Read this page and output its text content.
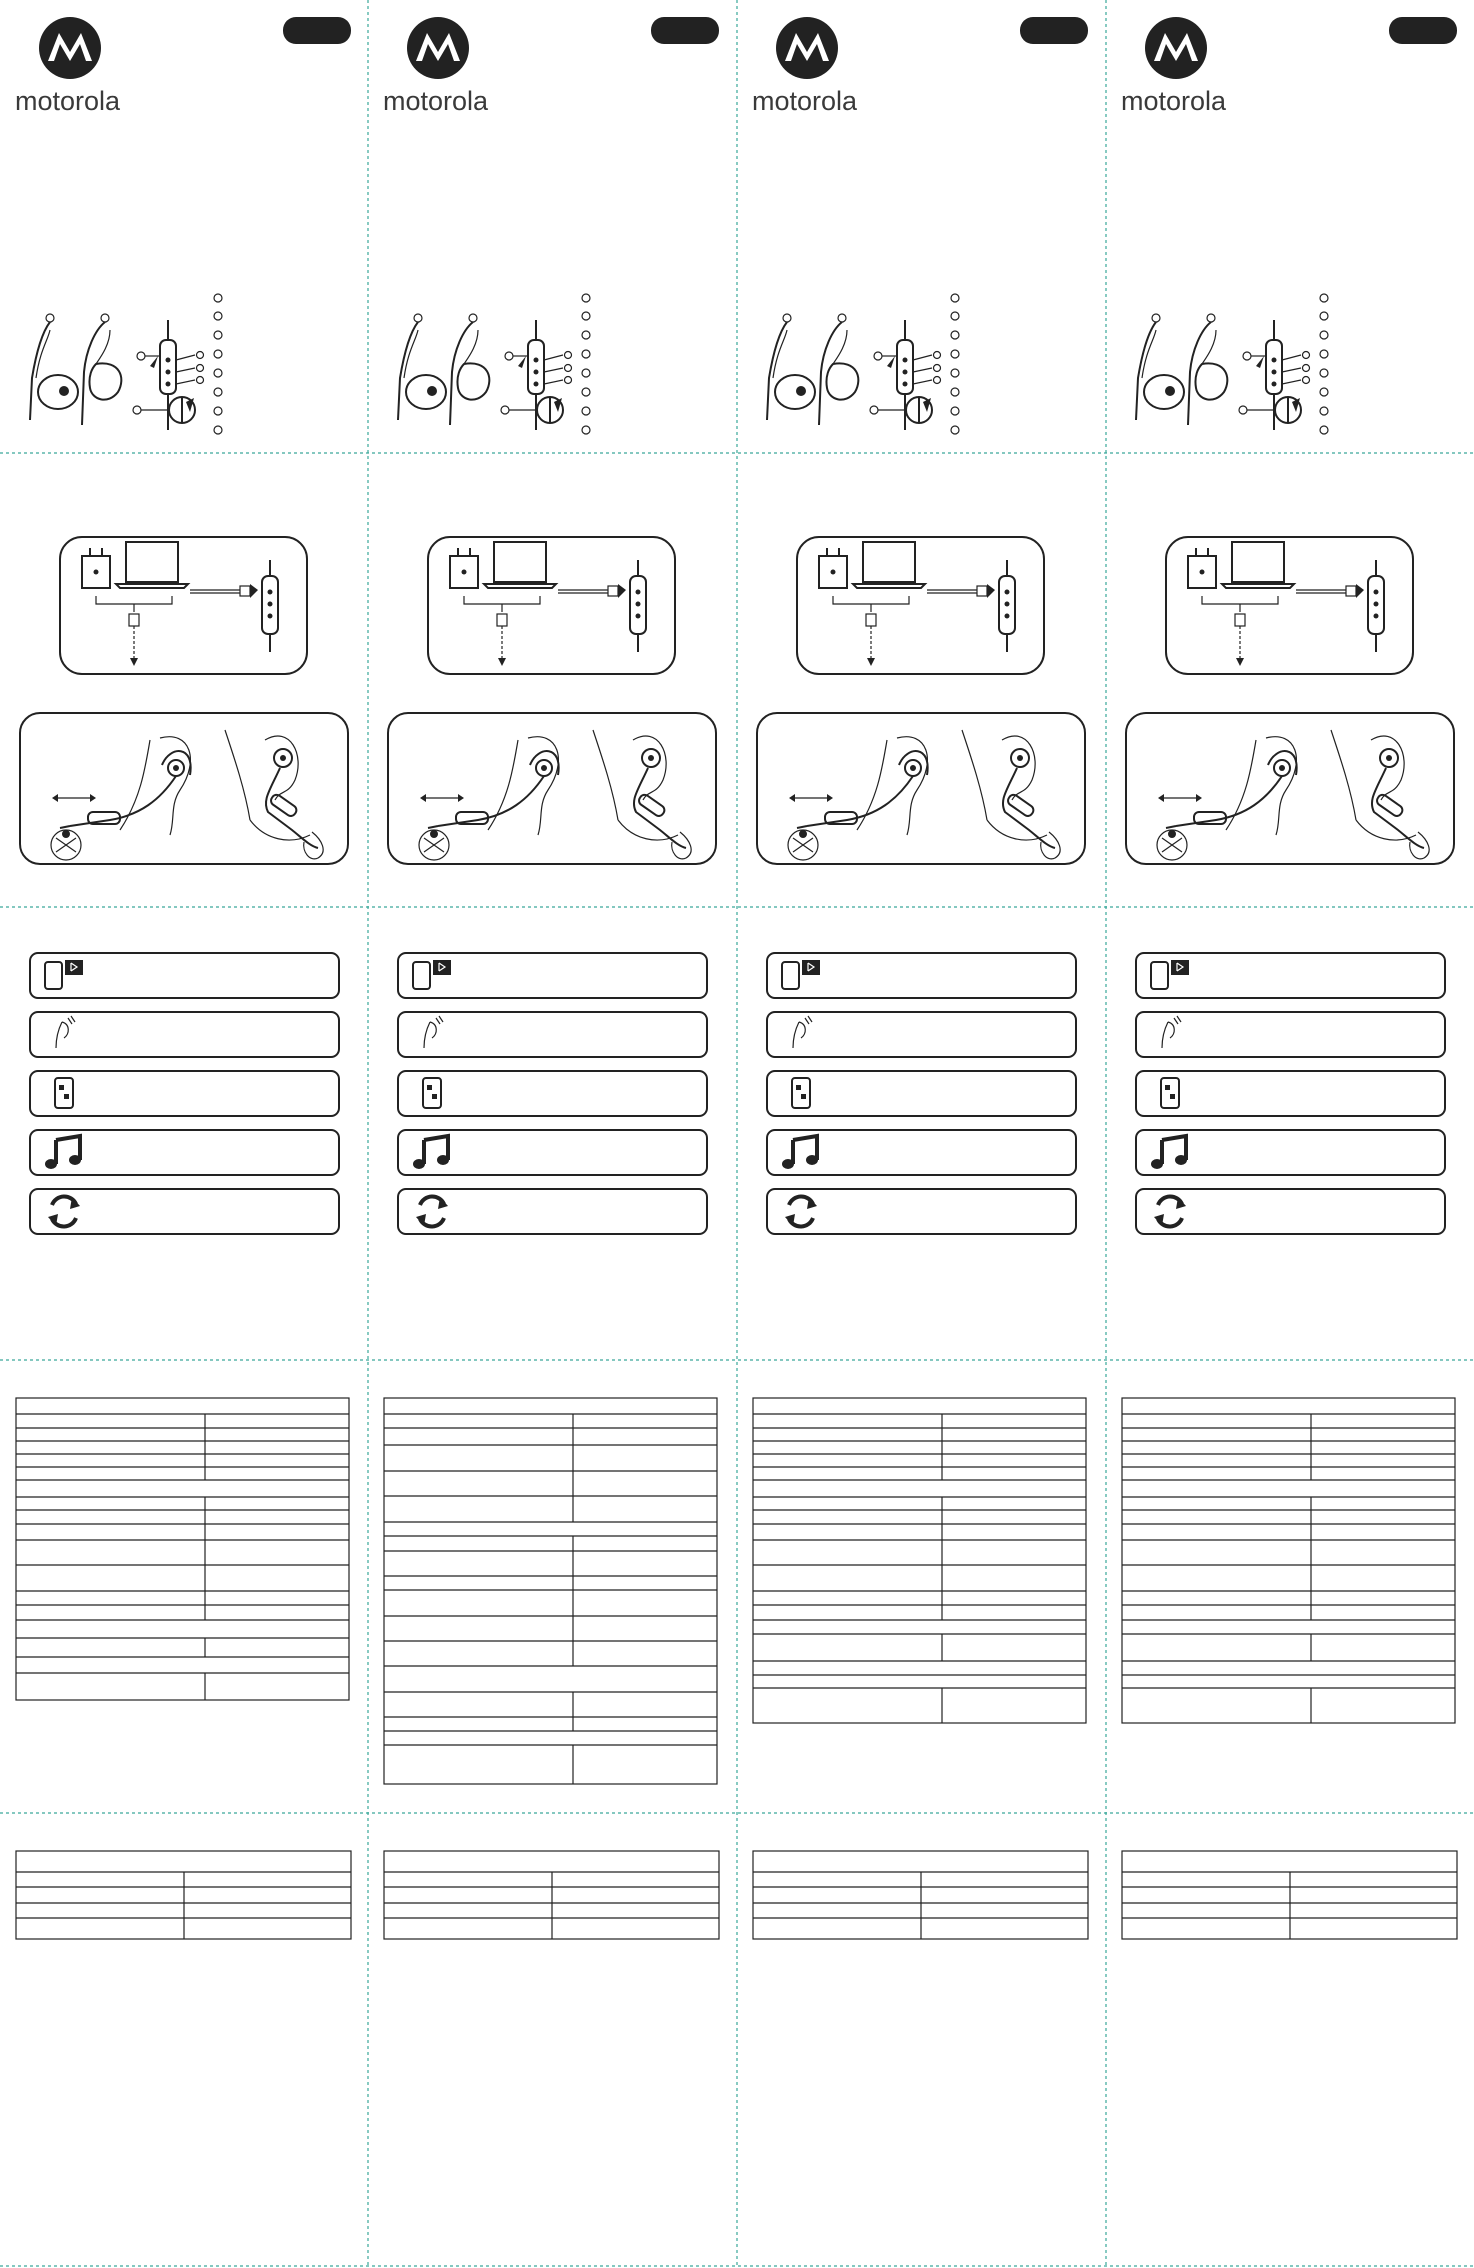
motorola	motorola	motorola	motorola
